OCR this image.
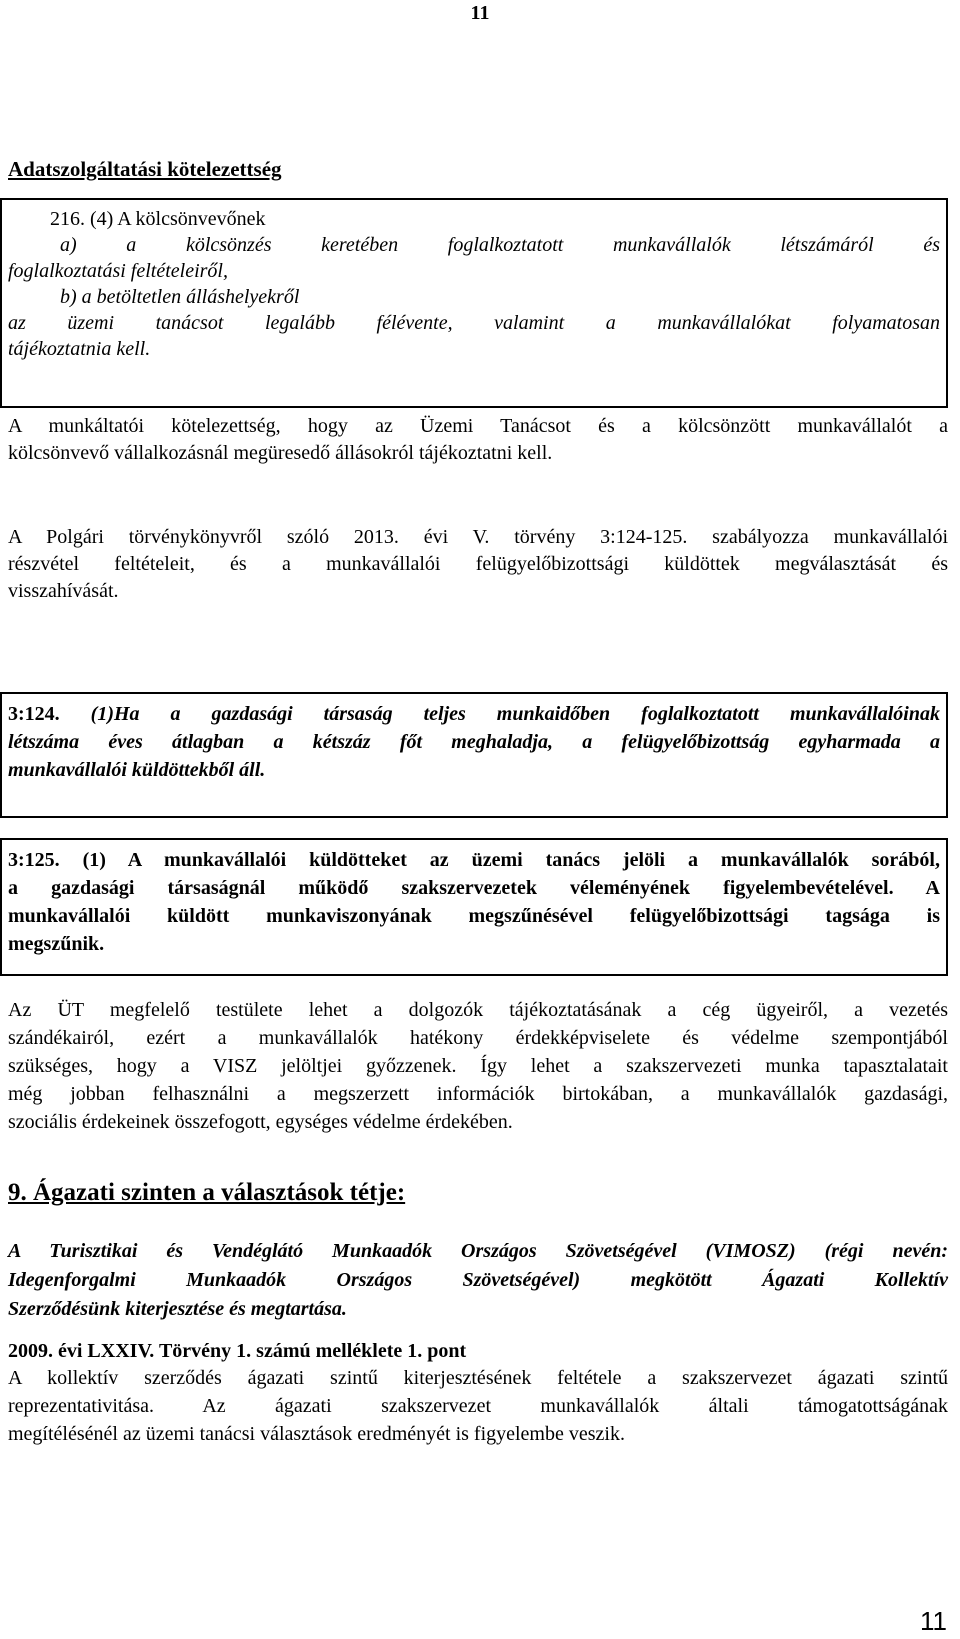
11
Adatszolgáltatási kötelezettség
216. (4) A kölcsönvevőnek
a) a kölcsönzés keretében foglalkoztatott munkavállalók létszámáról és
foglalkoztatási feltételeiről,
b) a betöltetlen álláshelyekről
az üzemi tanácsot legalább félévente, valamint a munkavállalókat folyamatosan
tájékoztatnia kell.
A munkáltatói kötelezettség, hogy az Üzemi Tanácsot és a kölcsönzött munkavállalót a
kölcsönvevő vállalkozásnál megüresedő állásokról tájékoztatni kell.
A Polgári törvénykönyvről szóló 2013. évi V. törvény 3:124-125. szabályozza munkavállalói
részvétel feltételeit, és a munkavállalói felügyelőbizottsági küldöttek megválasztását és
visszahívását.
3:124. (1)Ha a gazdasági társaság teljes munkaidőben foglalkoztatott munkavállalóinak
létszáma éves átlagban a kétszáz főt meghaladja, a felügyelőbizottság egyharmada a
munkavállalói küldöttekből áll.
3:125. (1) A munkavállalói küldötteket az üzemi tanács jelöli a munkavállalók sorából,
a gazdasági társaságnál működő szakszervezetek véleményének figyelembevételével. A
munkavállalói küldött munkaviszonyának megszűnésével felügyelőbizottsági tagsága is
megszűnik.
Az ÜT megfelelő testülete lehet a dolgozók tájékoztatásának a cég ügyeiről, a vezetés
szándékairól, ezért a munkavállalók hatékony érdekképviselete és védelme szempontjából
szükséges, hogy a VISZ jelöltjei győzzenek. Így lehet a szakszervezeti munka tapasztalatait
még jobban felhasználni a megszerzett információk birtokában, a munkavállalók gazdasági,
szociális érdekeinek összefogott, egységes védelme érdekében.
9. Ágazati szinten a választások tétje:
A Turisztikai és Vendéglátó Munkaadók Országos Szövetségével (VIMOSZ) (régi nevén:
Idegenforgalmi Munkaadók Országos Szövetségével) megkötött Ágazati Kollektív
Szerződésünk kiterjesztése és megtartása.
2009. évi LXXIV. Törvény 1. számú melléklete 1. pont
A kollektív szerződés ágazati szintű kiterjesztésének feltétele a szakszervezet ágazati szintű
reprezentativitása. Az ágazati szakszervezet munkavállalók általi támogatottságának
megítélésénél az üzemi tanácsi választások eredményét is figyelembe veszik.
11
